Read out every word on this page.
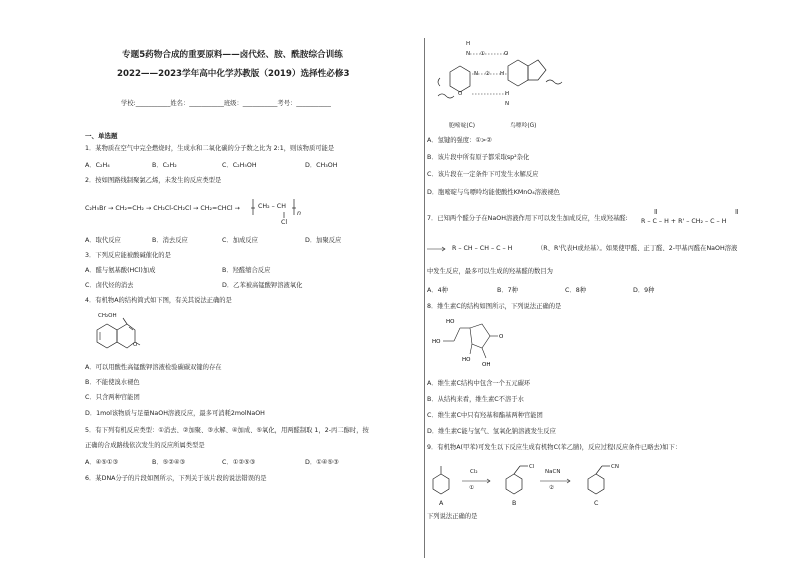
专题5药物合成的重要原料——卤代烃、胺、酰胺综合训练
2022——2023学年高中化学苏教版（2019）选择性必修3
学校:___________姓名：___________班级：___________考号：___________
一、单选题
1．某物质在空气中完全燃烧时，生成水和二氧化碳的分子数之比为 2:1，则该物质可能是
A．C₂H₄	B．C₂H₂	C．C₂H₅OH	D．CH₃OH
2．按如图路线制聚氯乙烯，未发生的反应类型是
C₂H₅Br → CH₂=CH₂ → CH₂Cl-CH₂Cl → CH₂=CHCl →	CH₂ – CH
Cl
n
A．取代反应	B．消去反应	C．加成反应	D．加聚反应
3．下列反应能被酸碱催化的是
A．醛与氨基酸(HCl)加成	B．羟醛缩合反应
C．卤代烃的消去	D．乙苯被高锰酸钾溶液氧化
4．有机物A的结构简式如下图，有关其说法正确的是
CH₂OH
O
A．可以用酸性高锰酸钾溶液检验碳碳双键的存在
B．不能使溴水褪色
C．只含两种官能团
D．1mol该物质与足量NaOH溶液反应，最多可消耗2molNaOH
5．有下列有机反应类型：①消去、②加聚、③水解、④加成、⑤氧化，用两醛制取 1，2-丙二醇时，按
正确的合成路线依次发生的反应所属类型是
A．④⑤①③	B．⑤②④③	C．①②⑤③	D．①④⑤③
6．某DNA分子的片段如图所示，下列关于该片段的说法错误的是
H
N ①	O
N ② H
O	H
N
胞嘧啶(C)	鸟嘌呤(G)
A．氢键的强度：①>②
B．该片段中所有原子都采取sp²杂化
C．该片段在一定条件下可发生水解反应
D．胞嘧啶与鸟嘌呤均能使酸性KMnO₄溶液褪色
7．已知两个醛分子在NaOH溶液作用下可以发生加成反应，生成羟基醛: R – C – H + R' – CH₂ – C – H
R – CH – CH – C – H	（R、R'代表H或烃基）。如果使甲醛、正丁醛、2-甲基丙醛在NaOH溶液
中发生反应，最多可以生成的羟基醛的数目为
A．4种	B．7种	C．8种	D．9种
8．维生素C的结构如图所示，下列说法正确的是
HO
HO
O
HO
OH
A．维生素C结构中包含一个五元碳环
B．从结构来看，维生素C不溶于水
C．维生素C中只有羟基和酯基两种官能团
D．维生素C能与氢气、氢氧化钠溶液发生反应
9．有机物A(甲苯)可发生以下反应生成有机物C(苯乙腈)，反应过程(反应条件已略去)如下：
Cl₂
①
Cl
NaCN
②
CN
A	B	C
下列说法正确的是
